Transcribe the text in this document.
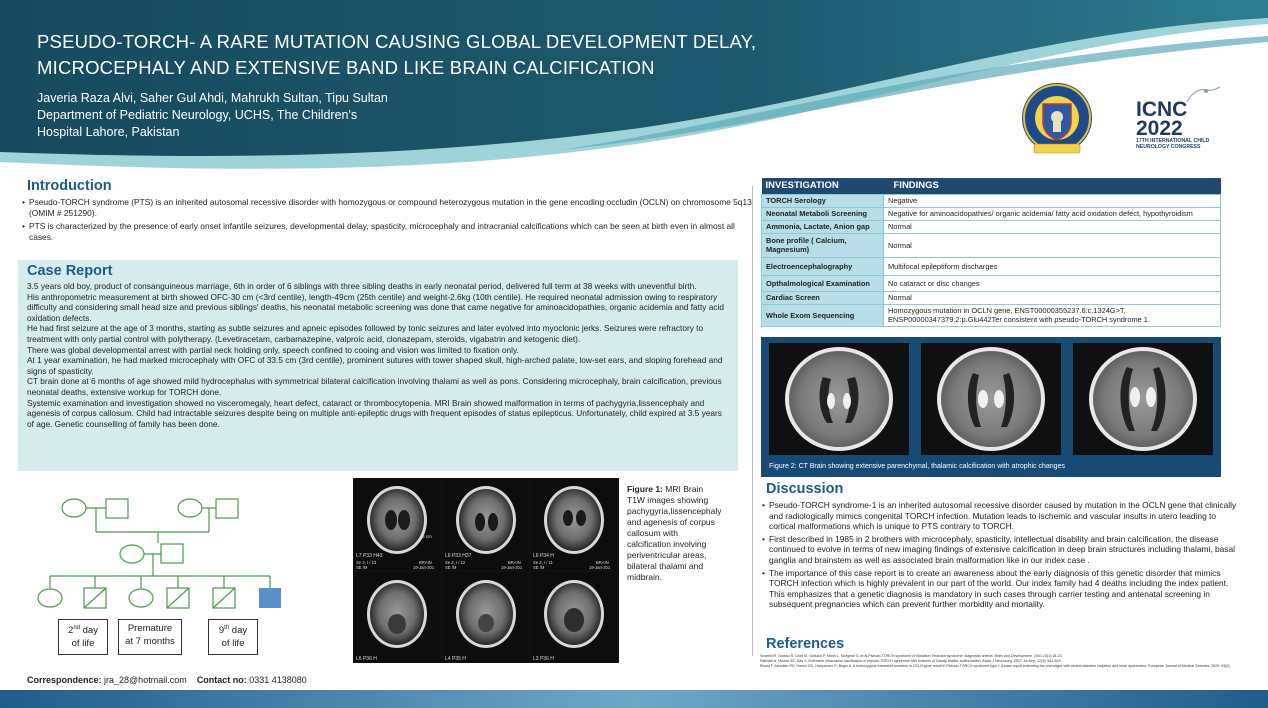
PSEUDO-TORCH- A RARE MUTATION CAUSING GLOBAL DEVELOPMENT DELAY,
MICROCEPHALY AND EXTENSIVE BAND LIKE BRAIN CALCIFICATION
Javeria Raza Alvi, Saher Gul Ahdi, Mahrukh Sultan, Tipu Sultan
Department of Pediatric Neurology, UCHS, The Children's
Hospital Lahore, Pakistan
ICNC
2022
17TH INTERNATIONAL CHILD
NEUROLOGY CONGRESS
Introduction
• Pseudo-TORCH syndrome (PTS) is an inherited autosomal recessive disorder with homozygous or compound heterozygous mutation in the gene encoding occludin (OCLN) on chromosome 5q13 (OMIM # 251290).
• PTS is characterized by the presence of early onset infantile seizures, developmental delay, spasticity, microcephaly and intracranial calcifications which can be seen at birth even in almost all cases.
Case Report

3.5 years old boy, product of consanguineous marriage, 6th in order of 6 siblings with three sibling deaths in early neonatal period, delivered full term at 38 weeks with uneventful birth.

His anthropometric measurement at birth showed OFC-30 cm (<3rd centile), length-49cm (25th centile) and weight-2.6kg (10th centile). He required neonatal admission owing to respiratory difficulty and considering small head size and previous siblings' deaths, his neonatal metabolic screening was done that came negative for aminoacidopathies, organic acidemia and fatty acid oxidation defects.

He had first seizure at the age of 3 months, starting as subtle seizures and apneic episodes followed by tonic seizures and later evolved into myoclonic jerks. Seizures were refractory to treatment with only partial control with polytherapy. (Levetiracetam, carbamazepine, valproic acid, clonazepam, steroids, vigabatrin and ketogenic diet).

There was global developmental arrest with partial neck holding only, speech confined to cooing and vision was limited to fixation only.

At 1 year examination, he had marked microcephaly with OFC of 33.5 cm (3rd centile), prominent sutures with tower shaped skull, high-arched palate, low-set ears, and sloping forehead and signs of spasticity.

CT brain done at 6 months of age showed mild hydrocephalus with symmetrical bilateral calcification involving thalami as well as pons. Considering microcephaly, brain calcification, previous neonatal deaths, extensive workup for TORCH done.

Systemic examination and investigation showed no visceromegaly, heart defect, cataract or thrombocytopenia. MRI Brain showed malformation in terms of pachygyria,lissencephaly and agenesis of corpus callosum. Child had intractable seizures despite being on multiple anti-epileptic drugs with frequent episodes of status epilepticus. Unfortunately, child expired at 3.5 years of age. Genetic counselling of family has been done.

2nd day
of life
Premature
at 7 months
9th day
of life
Correspondence: jra_28@hotmail.com Contact no: 0331 4138080
L7 P33 H43
Se 3, I / 13
SE /M
BRAIN
19-Jan-201
5 cm
L6 P33 H37
Se 3, I / 12
SE /M
BRAIN
19-Jan-201
L6 P34 H
Se 3, I / 11
SE /M
BRAIN
19-Jan-201
L6 P36 H	L4 P35 H	L3 P36 H
Figure 1: MRI Brain T1W images showing pachygyria,lissencephaly and agenesis of corpus callosum with calcification involving periventricular areas, bilateral thalami and midbrain.
INVESTIGATION	FINDINGS
TORCH Serology	Negative
Neonatal Metaboli Screening	Negative for aminoacidopathies/ organic acidemia/ fatty acid oxidation defect, hypothyroidism
Ammonia, Lactate, Anion gap	Normal
Bone profile ( Calcium, Magnesium)	Normal
Electroencephalography	Multifocal epileptiform discharges
Opthalmological Examination	No cataract or disc changes
Cardiac Screen	Normal
Whole Exom Sequencing	Homozygous mutation in OCLN gene, ENST00000355237.6:c.1324G>T, ENSP00000347379.2:p.Glu442Ter consistent with pseudo-TORCH syndrome 1.
Figure 2: CT Brain showing extensive parenchymal, thalamic calcification with atrophic changes
Discussion
• Pseudo-TORCH syndrome-1 is an inherited autosomal recessive disorder caused by mutation in the OCLN gene that clinically and radiologically mimics congenital TORCH infection. Mutation leads to ischemic and vascular insults in utero leading to cortical malformations which is unique to PTS contrary to TORCH.
• First described in 1985 in 2 brothers with microcephaly, spasticity, intellectual disability and brain calcification, the disease continued to evolve in terms of new imaging findings of extensive calcification in deep brain structures including thalami, basal ganglia and brainstem as well as associated brain malformation like in our index case .
• The importance of this case report is to create an awareness about the early diagnosis of this genetic disorder that mimics TORCH infection which is highly prevalent in our part of the world. Our index family had 4 deaths including the index patient. This emphasizes that a genetic diagnosis is mandatory in such cases through carrier testing and antenatal screening in subsequent pregnancies which can prevent further morbidity and mortality.
References

Vivarelli R, Grosso S, Cioni M, Galluzzi P, Monti L, Morgese G, et al.Pseudo-TORCH syndrome or Baraitser-Reardon syndrome: diagnostic criteria. Brain and Development. 2001;23(1):18-23.

Pattnaik A, Mishra SS, Das S. Extensive intracranial calcification of pseudo-TORCH syndrome with features of Dandy-Walker malformation. Asian J Neurosurg. 2017 Jul-Sep; 12(3): 541-543.

Elsaid F, Abdullah RD, Hamzi OO, Hariyanner O, Begin A. A homozygous frameshift mutation in OCLN gene result in Pseudo-TORCH syndrome type I: A case report extending the phenotype with central diabetes insipidus and renal dysfunction. European Journal of Medical Genetics. 2020; 63(6).
